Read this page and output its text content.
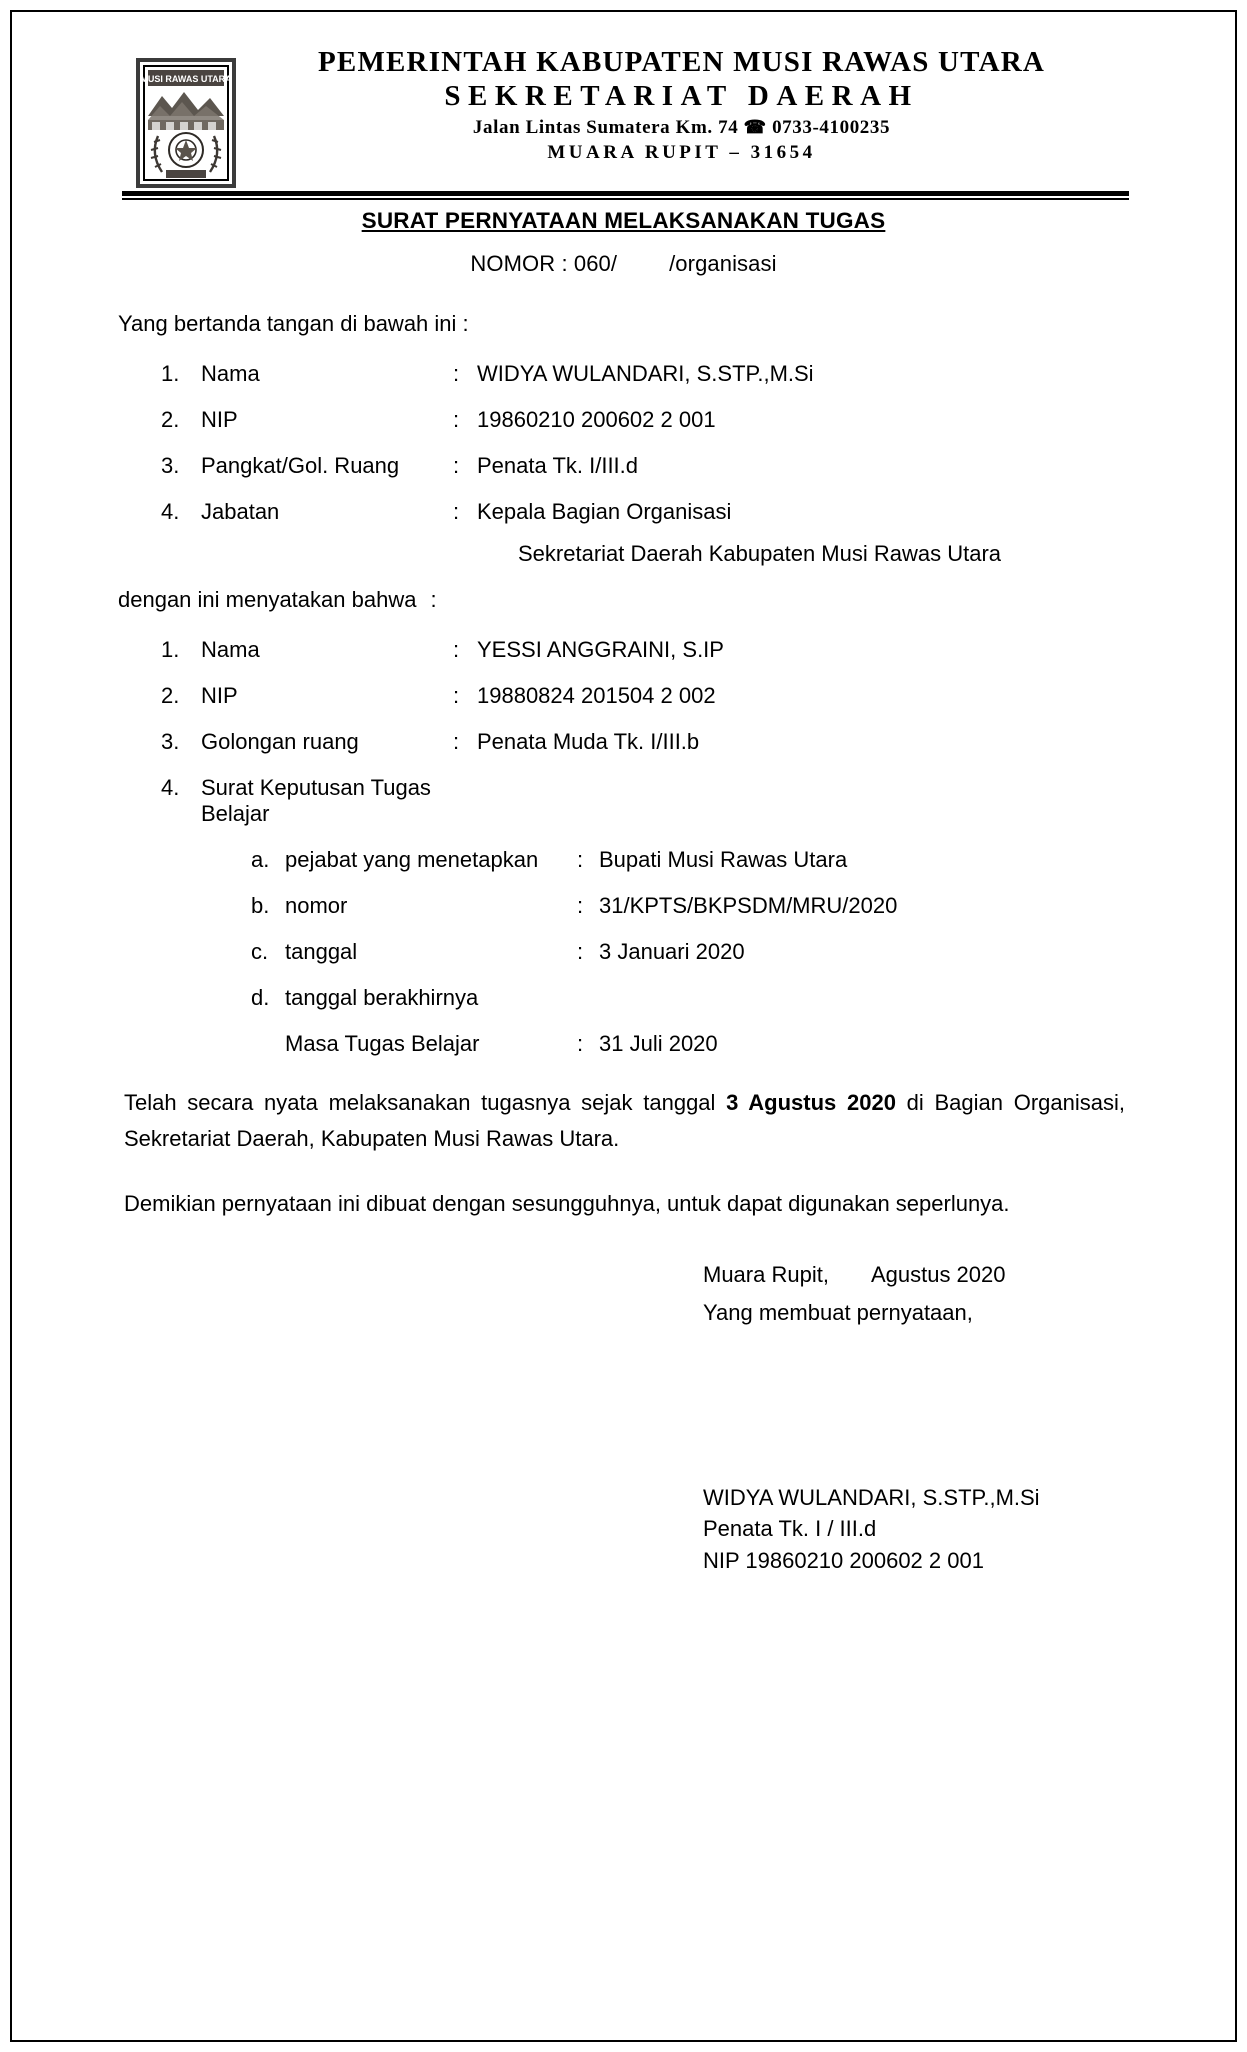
MUSI RAWAS UTARA
PEMERINTAH KABUPATEN MUSI RAWAS UTARA
SEKRETARIAT DAERAH
Jalan Lintas Sumatera Km. 74 ☎ 0733-4100235
MUARA RUPIT – 31654
SURAT PERNYATAAN MELAKSANAKAN TUGAS
NOMOR : 060/ /organisasi
Yang bertanda tangan di bawah ini :
1. Nama	: WIDYA WULANDARI, S.STP.,M.Si
2. NIP	: 19860210 200602 2 001
3. Pangkat/Gol. Ruang	: Penata Tk. I/III.d
4. Jabatan	: Kepala Bagian Organisasi
Sekretariat Daerah Kabupaten Musi Rawas Utara
dengan ini menyatakan bahwa :
1. Nama	: YESSI ANGGRAINI, S.IP
2. NIP	: 19880824 201504 2 002
3. Golongan ruang	: Penata Muda Tk. I/III.b
4. Surat Keputusan Tugas Belajar
a. pejabat yang menetapkan	: Bupati Musi Rawas Utara
b. nomor	: 31/KPTS/BKPSDM/MRU/2020
c. tanggal	: 3 Januari 2020
d. tanggal berakhirnya
Masa Tugas Belajar	: 31 Juli 2020
Telah secara nyata melaksanakan tugasnya sejak tanggal 3 Agustus 2020 di Bagian Organisasi, Sekretariat Daerah, Kabupaten Musi Rawas Utara.
Demikian pernyataan ini dibuat dengan sesungguhnya, untuk dapat digunakan seperlunya.
Muara Rupit, Agustus 2020
Yang membuat pernyataan,
WIDYA WULANDARI, S.STP.,M.Si
Penata Tk. I / III.d
NIP 19860210 200602 2 001
